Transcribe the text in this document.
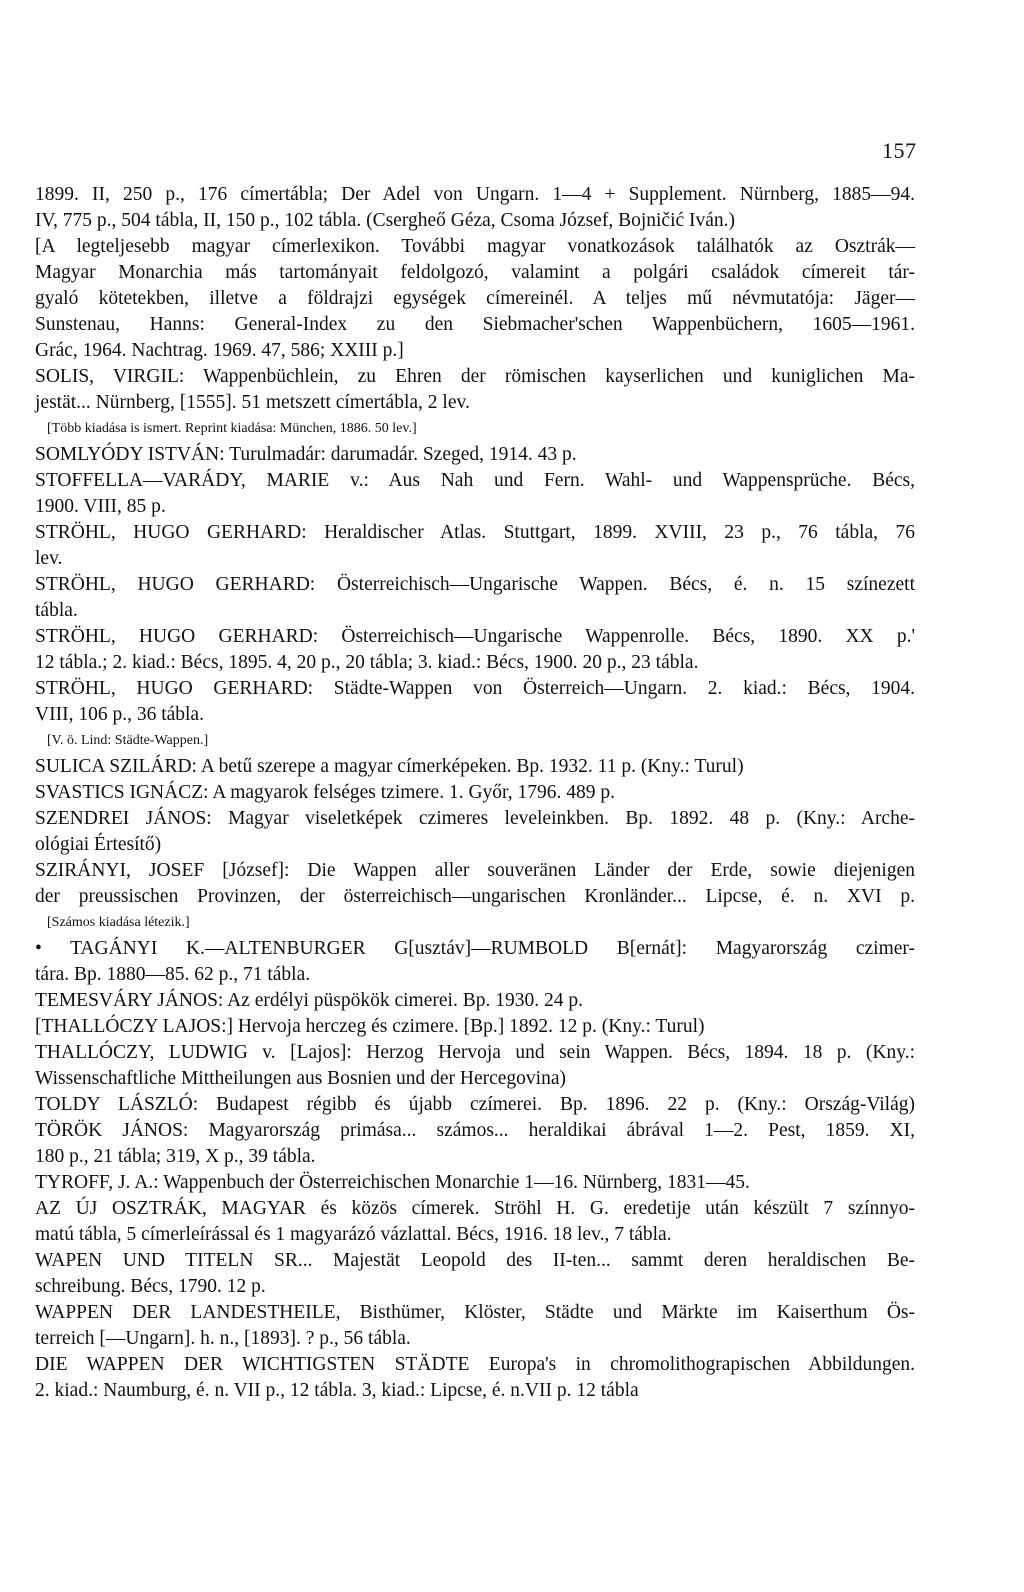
157
1899. II, 250 p., 176 címertábla; Der Adel von Ungarn. 1—4 + Supplement. Nürnberg, 1885—94.
IV, 775 p., 504 tábla, II, 150 p., 102 tábla. (Csergheő Géza, Csoma József, Bojničić Iván.)
[A legteljesebb magyar címerlexikon. További magyar vonatkozások találhatók az Osztrák—
Magyar Monarchia más tartományait feldolgozó, valamint a polgári családok címereit tár-
gyaló kötetekben, illetve a földrajzi egységek címereinél. A teljes mű névmutatója: Jäger—
Sunstenau, Hanns: General-Index zu den Siebmacher'schen Wappenbüchern, 1605—1961.
Grác, 1964. Nachtrag. 1969. 47, 586; XXIII p.]
SOLIS, VIRGIL: Wappenbüchlein, zu Ehren der römischen kayserlichen und kuniglichen Ma-
jestät... Nürnberg, [1555]. 51 metszett címertábla, 2 lev.
[Több kiadása is ismert. Reprint kiadása: München, 1886. 50 lev.]
SOMLYÓDY ISTVÁN: Turulmadár: darumadár. Szeged, 1914. 43 p.
STOFFELLA—VARÁDY, MARIE v.: Aus Nah und Fern. Wahl- und Wappensprüche. Bécs,
1900. VIII, 85 p.
STRÖHL, HUGO GERHARD: Heraldischer Atlas. Stuttgart, 1899. XVIII, 23 p., 76 tábla, 76
lev.
STRÖHL, HUGO GERHARD: Österreichisch—Ungarische Wappen. Bécs, é. n. 15 színezett
tábla.
STRÖHL, HUGO GERHARD: Österreichisch—Ungarische Wappenrolle. Bécs, 1890. XX p.'
12 tábla.; 2. kiad.: Bécs, 1895. 4, 20 p., 20 tábla; 3. kiad.: Bécs, 1900. 20 p., 23 tábla.
STRÖHL, HUGO GERHARD: Städte-Wappen von Österreich—Ungarn. 2. kiad.: Bécs, 1904.
VIII, 106 p., 36 tábla.
[V. ö. Lind: Städte-Wappen.]
SULICA SZILÁRD: A betű szerepe a magyar címerképeken. Bp. 1932. 11 p. (Kny.: Turul)
SVASTICS IGNÁCZ: A magyarok felséges tzimere. 1. Győr, 1796. 489 p.
SZENDREI JÁNOS: Magyar viseletképek czimeres leveleinkben. Bp. 1892. 48 p. (Kny.: Arche-
ológiai Értesítő)
SZIRÁNYI, JOSEF [József]: Die Wappen aller souveränen Länder der Erde, sowie diejenigen
der preussischen Provinzen, der österreichisch—ungarischen Kronländer... Lipcse, é. n. XVI p.
[Számos kiadása létezik.]
• TAGÁNYI K.—ALTENBURGER G[usztáv]—RUMBOLD B[ernát]: Magyarország czimer-
tára. Bp. 1880—85. 62 p., 71 tábla.
TEMESVÁRY JÁNOS: Az erdélyi püspökök cimerei. Bp. 1930. 24 p.
[THALLÓCZY LAJOS:] Hervoja herczeg és czimere. [Bp.] 1892. 12 p. (Kny.: Turul)
THALLÓCZY, LUDWIG v. [Lajos]: Herzog Hervoja und sein Wappen. Bécs, 1894. 18 p. (Kny.:
Wissenschaftliche Mittheilungen aus Bosnien und der Hercegovina)
TOLDY LÁSZLÓ: Budapest régibb és újabb czímerei. Bp. 1896. 22 p. (Kny.: Ország-Világ)
TÖRÖK JÁNOS: Magyarország primása... számos... heraldikai ábrával 1—2. Pest, 1859. XI,
180 p., 21 tábla; 319, X p., 39 tábla.
TYROFF, J. A.: Wappenbuch der Österreichischen Monarchie 1—16. Nürnberg, 1831—45.
AZ ÚJ OSZTRÁK, MAGYAR és közös címerek. Ströhl H. G. eredetije után készült 7 színnyo-
matú tábla, 5 címerleírással és 1 magyarázó vázlattal. Bécs, 1916. 18 lev., 7 tábla.
WAPEN UND TITELN SR... Majestät Leopold des II-ten... sammt deren heraldischen Be-
schreibung. Bécs, 1790. 12 p.
WAPPEN DER LANDESTHEILE, Bisthümer, Klöster, Städte und Märkte im Kaiserthum Ös-
terreich [—Ungarn]. h. n., [1893]. ? p., 56 tábla.
DIE WAPPEN DER WICHTIGSTEN STÄDTE Europa's in chromolithograpischen Abbildungen.
2. kiad.: Naumburg, é. n. VII p., 12 tábla. 3, kiad.: Lipcse, é. n.VII p. 12 tábla
